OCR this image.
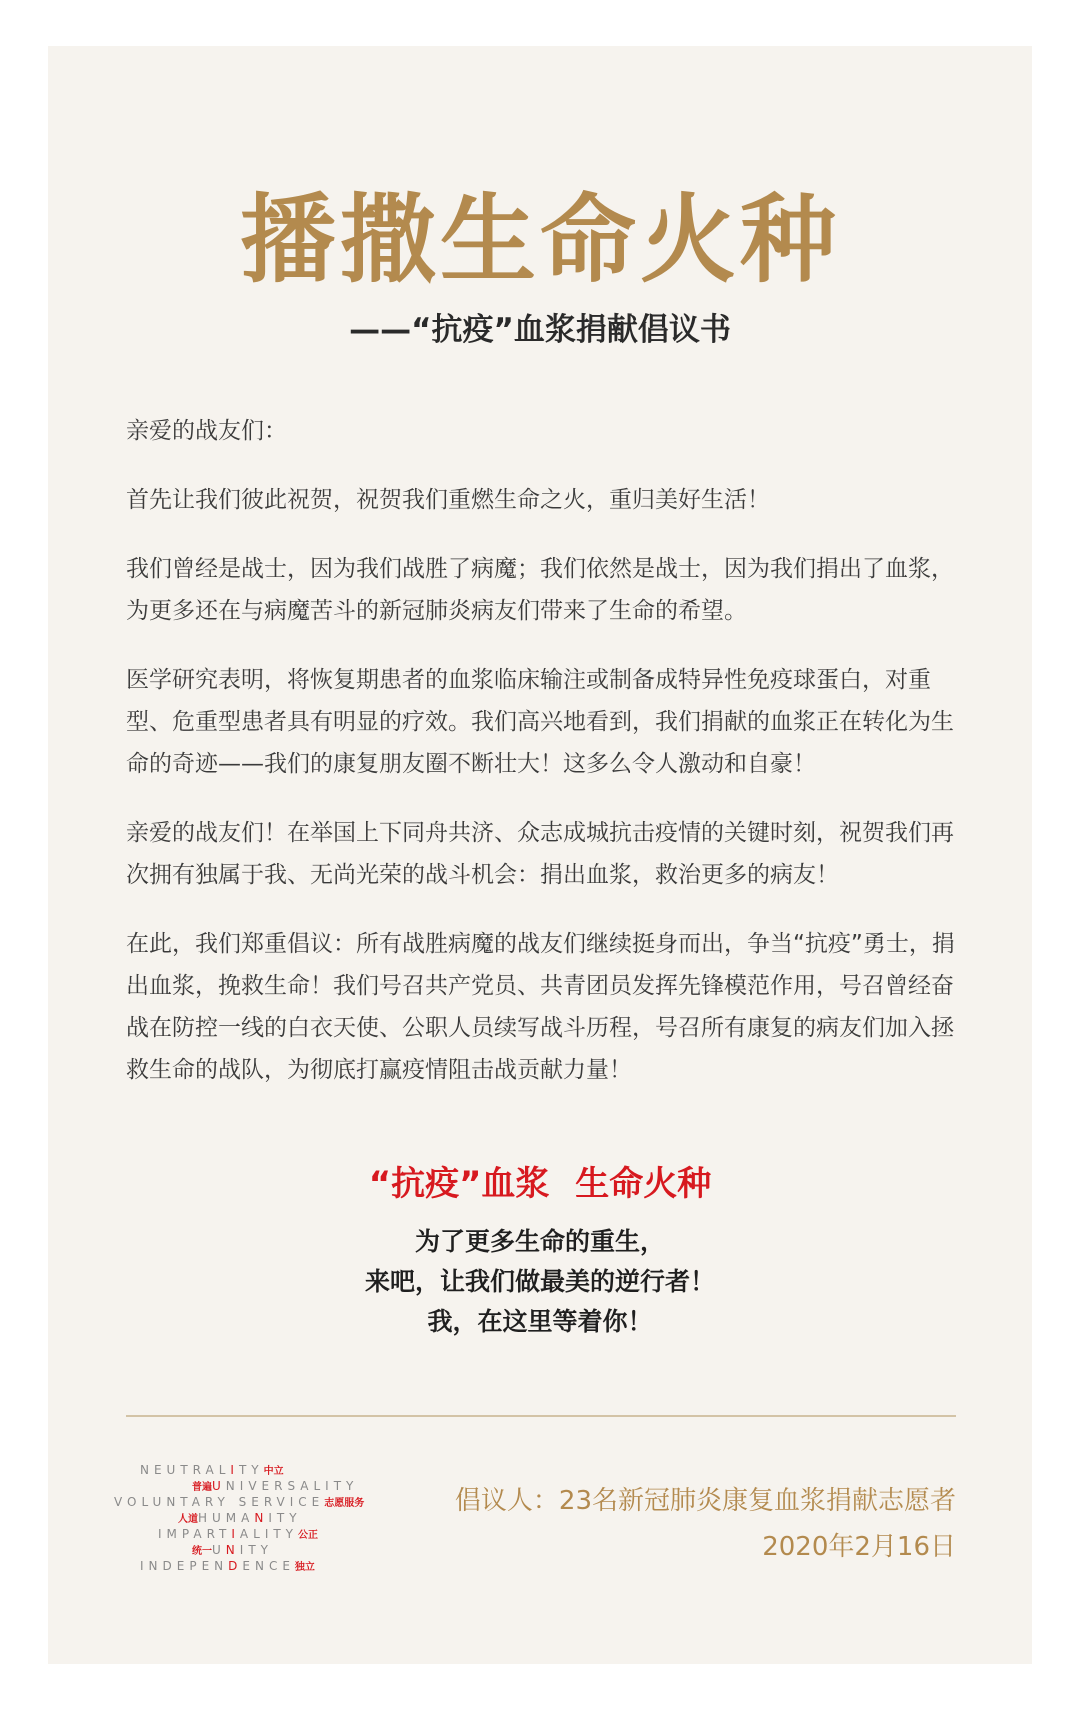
播撒生命火种
——“抗疫”血浆捐献倡议书

亲爱的战友们：

首先让我们彼此祝贺，祝贺我们重燃生命之火，重归美好生活！

我们曾经是战士，因为我们战胜了病魔；我们依然是战士，因为我们捐出了血浆，为更多还在与病魔苦斗的新冠肺炎病友们带来了生命的希望。

医学研究表明，将恢复期患者的血浆临床输注或制备成特异性免疫球蛋白，对重型、危重型患者具有明显的疗效。我们高兴地看到，我们捐献的血浆正在转化为生命的奇迹——我们的康复朋友圈不断壮大！这多么令人激动和自豪！

亲爱的战友们！在举国上下同舟共济、众志成城抗击疫情的关键时刻，祝贺我们再次拥有独属于我、无尚光荣的战斗机会：捐出血浆，救治更多的病友！

在此，我们郑重倡议：所有战胜病魔的战友们继续挺身而出，争当“抗疫”勇士，捐出血浆，挽救生命！我们号召共产党员、共青团员发挥先锋模范作用，号召曾经奋战在防控一线的白衣天使、公职人员续写战斗历程，号召所有康复的病友们加入拯救生命的战队，为彻底打赢疫情阻击战贡献力量！

“抗疫”血浆 生命火种
为了更多生命的重生，
来吧，让我们做最美的逆行者！
我，在这里等着你！
NEUTRALITY中立
普遍UNIVERSALITY
VOLUNTARY SERVICE志愿服务
人道HUMANITY
IMPARTIALITY公正
统一UNITY
INDEPENDENCE独立
倡议人：23名新冠肺炎康复血浆捐献志愿者
2020年2月16日
